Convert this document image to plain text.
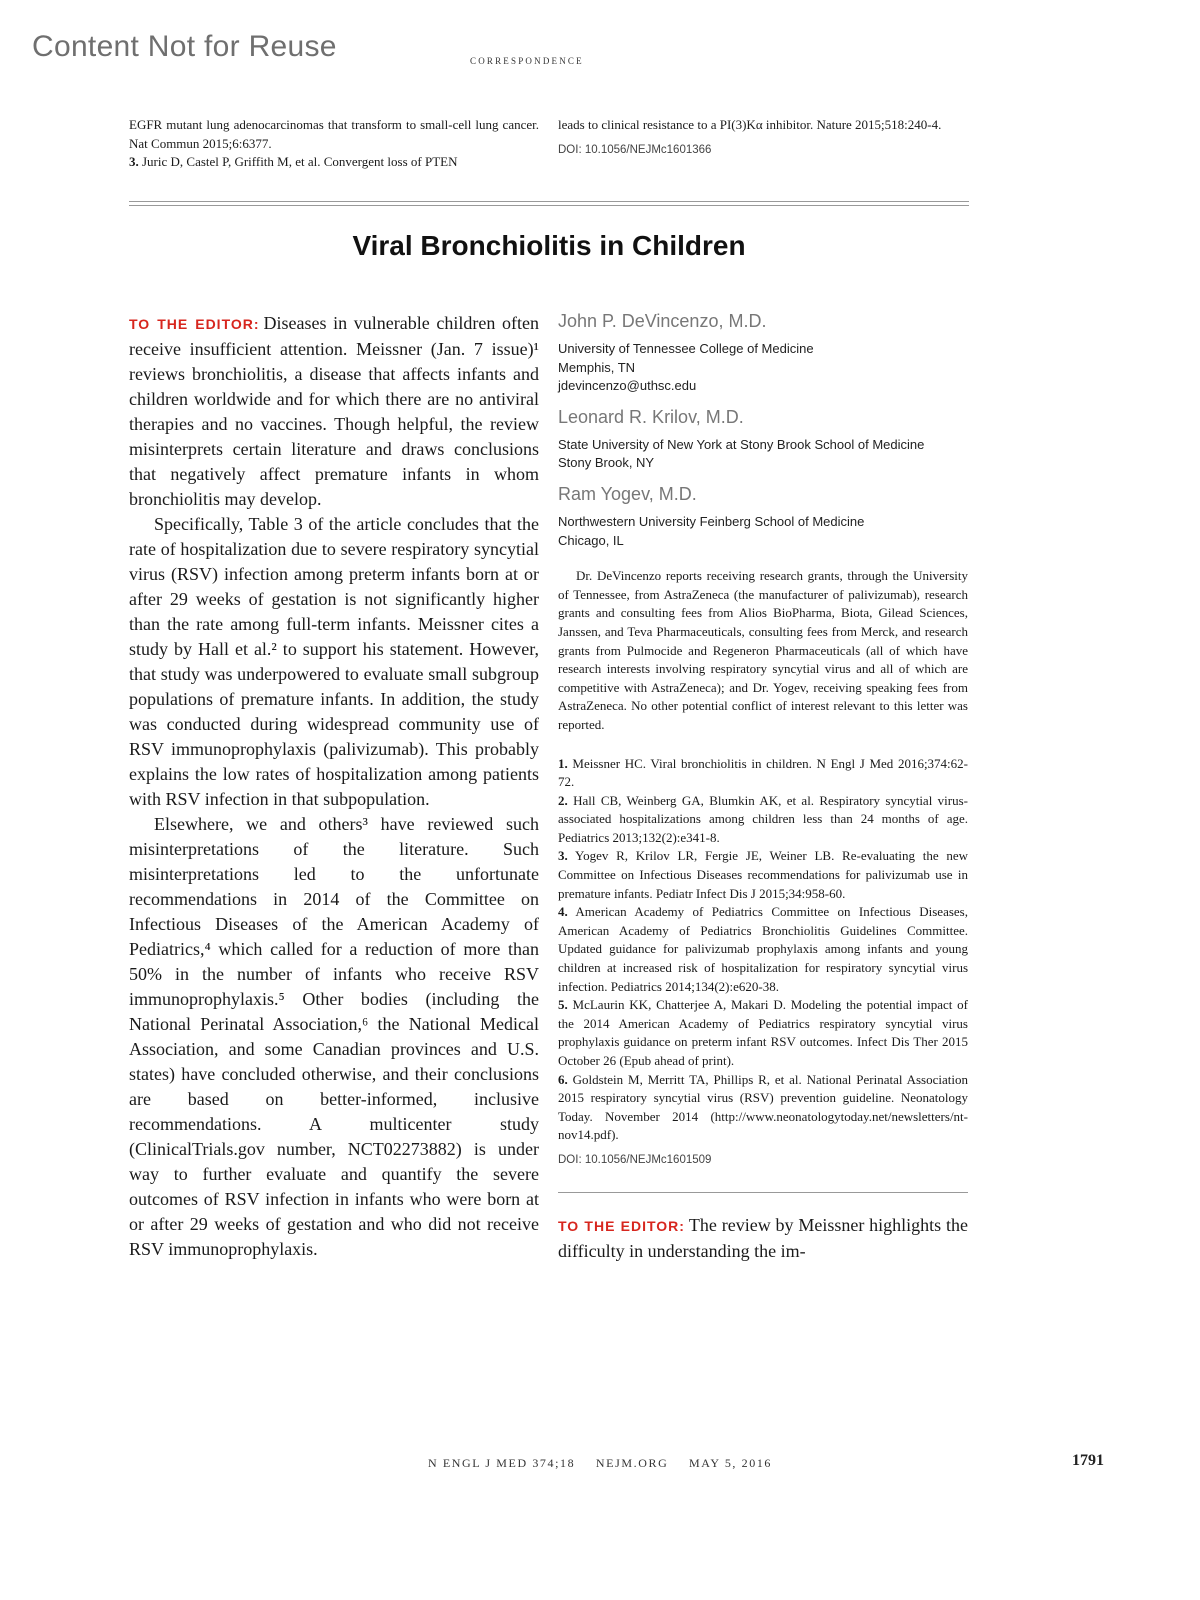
Content Not for Reuse	correspondence

EGFR mutant lung adenocarcinomas that transform to small-cell lung cancer. Nat Commun 2015;6:6377.

3. Juric D, Castel P, Griffith M, et al. Convergent loss of PTEN

leads to clinical resistance to a PI(3)Kα inhibitor. Nature 2015;518:240-4.

DOI: 10.1056/NEJMc1601366

Viral Bronchiolitis in Children

TO THE EDITOR: Diseases in vulnerable children often receive insufficient attention. Meissner (Jan. 7 issue)¹ reviews bronchiolitis, a disease that affects infants and children worldwide and for which there are no antiviral therapies and no vaccines. Though helpful, the review misinterprets certain literature and draws conclusions that negatively affect premature infants in whom bronchiolitis may develop.

Specifically, Table 3 of the article concludes that the rate of hospitalization due to severe respiratory syncytial virus (RSV) infection among preterm infants born at or after 29 weeks of gestation is not significantly higher than the rate among full-term infants. Meissner cites a study by Hall et al.² to support his statement. However, that study was underpowered to evaluate small subgroup populations of premature infants. In addition, the study was conducted during widespread community use of RSV immunoprophylaxis (palivizumab). This probably explains the low rates of hospitalization among patients with RSV infection in that subpopulation.

Elsewhere, we and others³ have reviewed such misinterpretations of the literature. Such misinterpretations led to the unfortunate recommendations in 2014 of the Committee on Infectious Diseases of the American Academy of Pediatrics,⁴ which called for a reduction of more than 50% in the number of infants who receive RSV immunoprophylaxis.⁵ Other bodies (including the National Perinatal Association,⁶ the National Medical Association, and some Canadian provinces and U.S. states) have concluded otherwise, and their conclusions are based on better-informed, inclusive recommendations. A multicenter study (ClinicalTrials.gov number, NCT02273882) is under way to further evaluate and quantify the severe outcomes of RSV infection in infants who were born at or after 29 weeks of gestation and who did not receive RSV immunoprophylaxis.

John P. DeVincenzo, M.D.

University of Tennessee College of Medicine
Memphis, TN
jdevincenzo@uthsc.edu

Leonard R. Krilov, M.D.

State University of New York at Stony Brook School of Medicine
Stony Brook, NY

Ram Yogev, M.D.

Northwestern University Feinberg School of Medicine
Chicago, IL

Dr. DeVincenzo reports receiving research grants, through the University of Tennessee, from AstraZeneca (the manufacturer of palivizumab), research grants and consulting fees from Alios BioPharma, Biota, Gilead Sciences, Janssen, and Teva Pharmaceuticals, consulting fees from Merck, and research grants from Pulmocide and Regeneron Pharmaceuticals (all of which have research interests involving respiratory syncytial virus and all of which are competitive with AstraZeneca); and Dr. Yogev, receiving speaking fees from AstraZeneca. No other potential conflict of interest relevant to this letter was reported.

1. Meissner HC. Viral bronchiolitis in children. N Engl J Med 2016;374:62-72.

2. Hall CB, Weinberg GA, Blumkin AK, et al. Respiratory syncytial virus-associated hospitalizations among children less than 24 months of age. Pediatrics 2013;132(2):e341-8.

3. Yogev R, Krilov LR, Fergie JE, Weiner LB. Re-evaluating the new Committee on Infectious Diseases recommendations for palivizumab use in premature infants. Pediatr Infect Dis J 2015;34:958-60.

4. American Academy of Pediatrics Committee on Infectious Diseases, American Academy of Pediatrics Bronchiolitis Guidelines Committee. Updated guidance for palivizumab prophylaxis among infants and young children at increased risk of hospitalization for respiratory syncytial virus infection. Pediatrics 2014;134(2):e620-38.

5. McLaurin KK, Chatterjee A, Makari D. Modeling the potential impact of the 2014 American Academy of Pediatrics respiratory syncytial virus prophylaxis guidance on preterm infant RSV outcomes. Infect Dis Ther 2015 October 26 (Epub ahead of print).

6. Goldstein M, Merritt TA, Phillips R, et al. National Perinatal Association 2015 respiratory syncytial virus (RSV) prevention guideline. Neonatology Today. November 2014 (http://www.neonatologytoday.net/newsletters/nt-nov14.pdf).

DOI: 10.1056/NEJMc1601509

TO THE EDITOR: The review by Meissner highlights the difficulty in understanding the im-

N ENGL J MED 374;18 NEJM.ORG MAY 5, 2016	1791
